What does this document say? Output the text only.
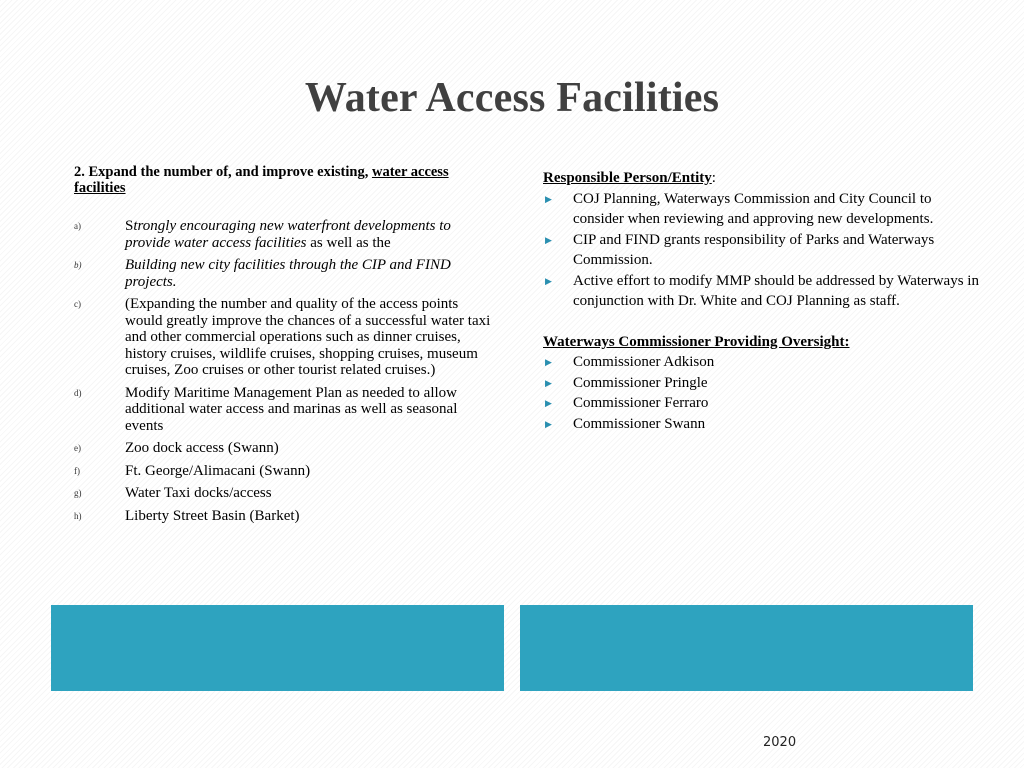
Water Access Facilities
2. Expand the number of, and improve existing, water access facilities
a)	Strongly encouraging new waterfront developments to provide water access facilities as well as the
b)	Building new city facilities through the CIP and FIND projects.
c)	(Expanding the number and quality of the access points would greatly improve the chances of a successful water taxi and other commercial operations such as dinner cruises, history cruises, wildlife cruises, shopping cruises, museum cruises, Zoo cruises or other tourist related cruises.)
d)	Modify Maritime Management Plan as needed to allow additional water access and marinas as well as seasonal events
e)	Zoo dock access (Swann)
f)	Ft. George/Alimacani (Swann)
g)	Water Taxi docks/access
h)	Liberty Street Basin (Barket)
Responsible Person/Entity:
▶	COJ Planning, Waterways Commission and City Council to consider when reviewing and approving new developments.
▶	CIP and FIND grants responsibility of Parks and Waterways Commission.
▶	Active effort to modify MMP should be addressed by Waterways in conjunction with Dr. White and COJ Planning as staff.
Waterways Commissioner Providing Oversight:
▶	Commissioner Adkison
▶	Commissioner Pringle
▶	Commissioner Ferraro
▶	Commissioner Swann
2020
